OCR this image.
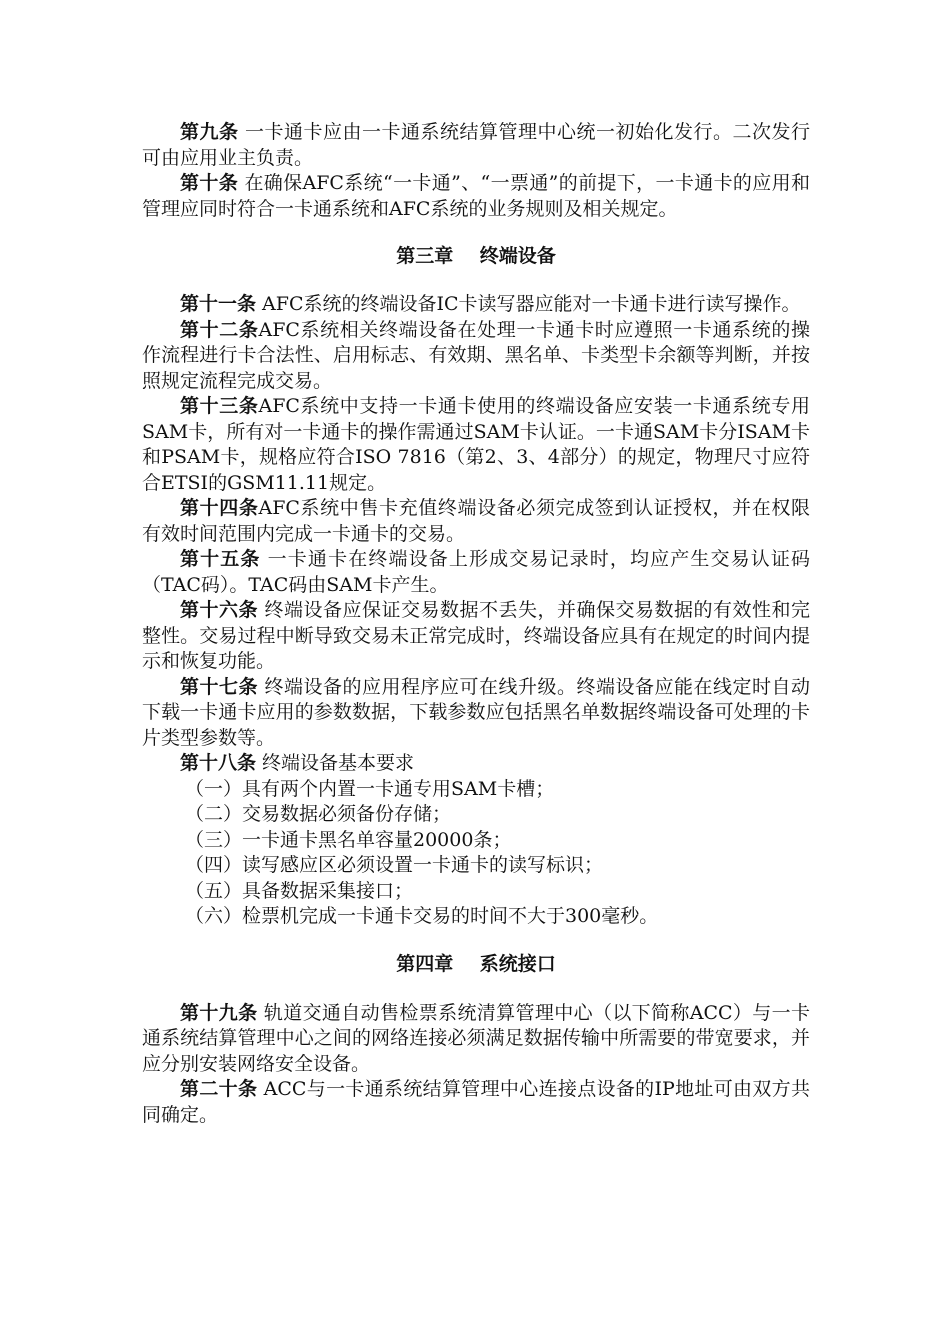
第九条 一卡通卡应由一卡通系统结算管理中心统一初始化发行。二次发行可由应用业主负责。

第十条 在确保AFC系统“一卡通”、“一票通”的前提下，一卡通卡的应用和管理应同时符合一卡通系统和AFC系统的业务规则及相关规定。

第三章    终端设备

第十一条 AFC系统的终端设备IC卡读写器应能对一卡通卡进行读写操作。

第十二条AFC系统相关终端设备在处理一卡通卡时应遵照一卡通系统的操作流程进行卡合法性、启用标志、有效期、黑名单、卡类型卡余额等判断，并按照规定流程完成交易。

第十三条AFC系统中支持一卡通卡使用的终端设备应安装一卡通系统专用SAM卡，所有对一卡通卡的操作需通过SAM卡认证。一卡通SAM卡分ISAM卡和PSAM卡，规格应符合ISO 7816（第2、3、4部分）的规定，物理尺寸应符合ETSI的GSM11.11规定。

第十四条AFC系统中售卡充值终端设备必须完成签到认证授权，并在权限有效时间范围内完成一卡通卡的交易。

第十五条 一卡通卡在终端设备上形成交易记录时，均应产生交易认证码（TAC码）。TAC码由SAM卡产生。

第十六条 终端设备应保证交易数据不丢失，并确保交易数据的有效性和完整性。交易过程中断导致交易未正常完成时，终端设备应具有在规定的时间内提示和恢复功能。

第十七条 终端设备的应用程序应可在线升级。终端设备应能在线定时自动下载一卡通卡应用的参数数据，下载参数应包括黑名单数据终端设备可处理的卡片类型参数等。

第十八条 终端设备基本要求

（一）具有两个内置一卡通专用SAM卡槽；

（二）交易数据必须备份存储；

（三）一卡通卡黑名单容量20000条；

（四）读写感应区必须设置一卡通卡的读写标识；

（五）具备数据采集接口；

（六）检票机完成一卡通卡交易的时间不大于300毫秒。

第四章    系统接口

第十九条 轨道交通自动售检票系统清算管理中心（以下简称ACC）与一卡通系统结算管理中心之间的网络连接必须满足数据传输中所需要的带宽要求，并应分别安装网络安全设备。

第二十条 ACC与一卡通系统结算管理中心连接点设备的IP地址可由双方共同确定。
